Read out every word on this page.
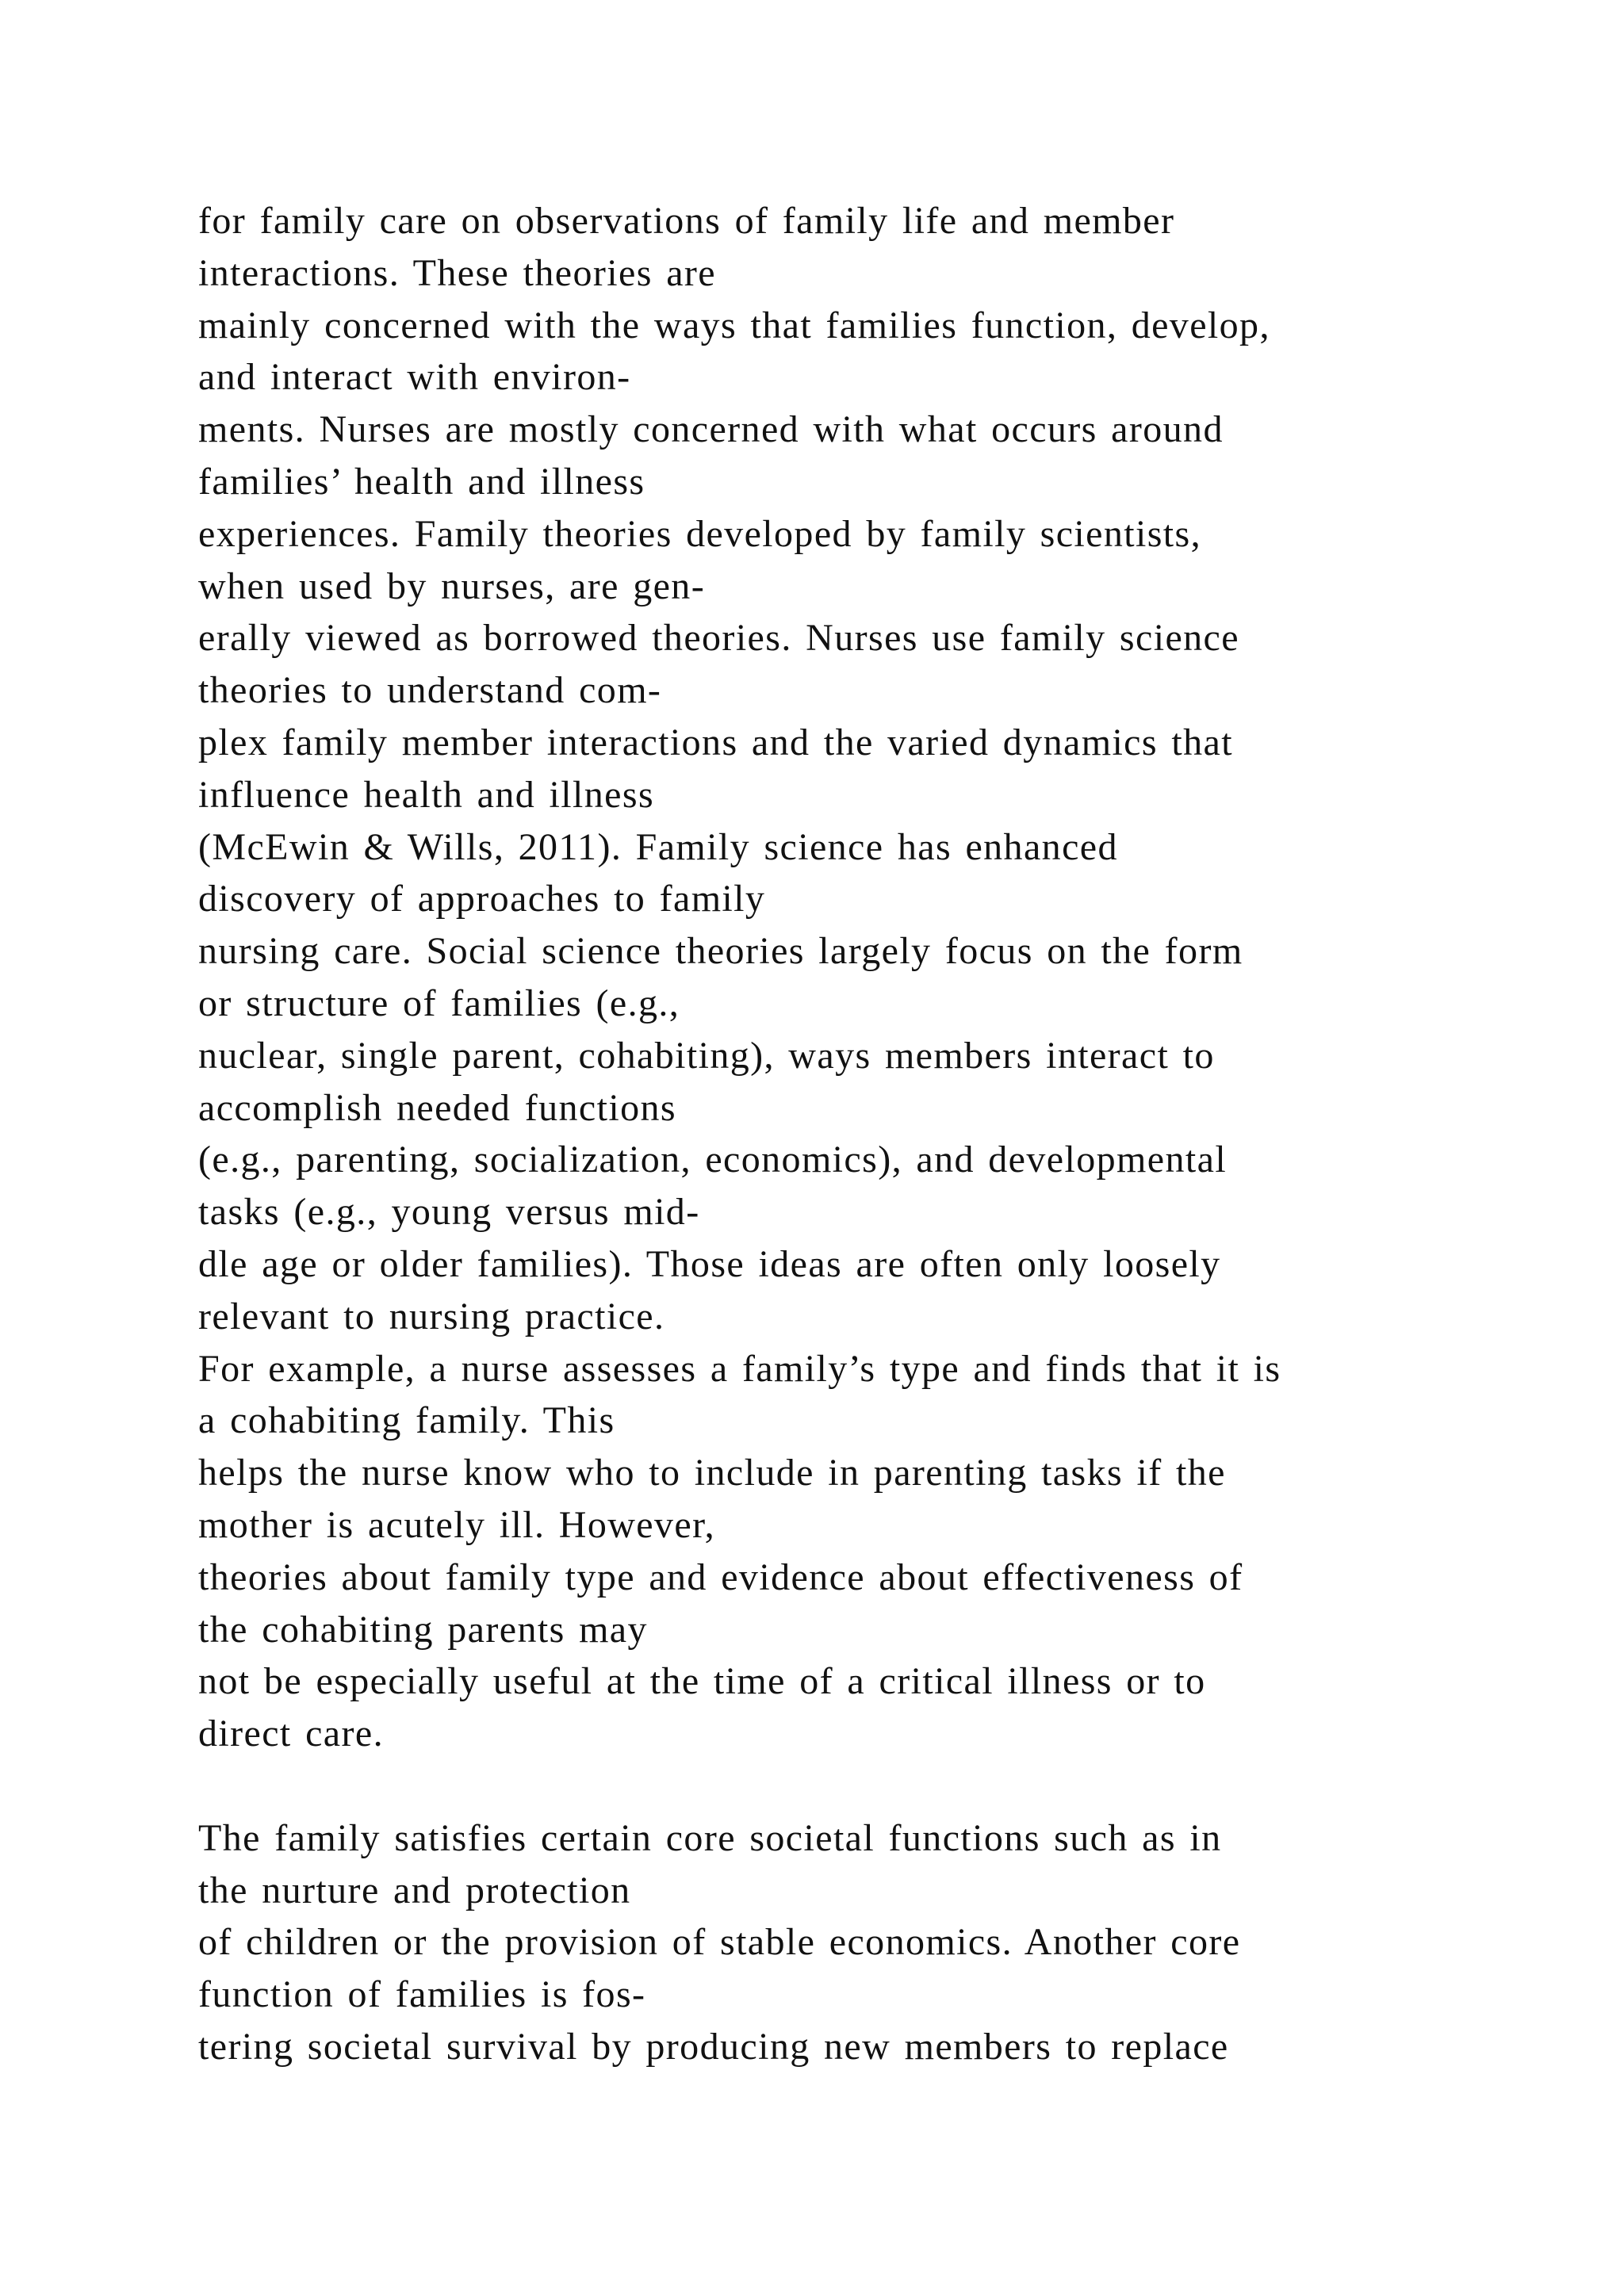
for family care on observations of family life and member
interactions. These theories are
mainly concerned with the ways that families function, develop,
and interact with environ-
ments. Nurses are mostly concerned with what occurs around
families’ health and illness
experiences. Family theories developed by family scientists,
when used by nurses, are gen-
erally viewed as borrowed theories. Nurses use family science
theories to understand com-
plex family member interactions and the varied dynamics that
influence health and illness
(McEwin & Wills, 2011). Family science has enhanced
discovery of approaches to family
nursing care. Social science theories largely focus on the form
or structure of families (e.g.,
nuclear, single parent, cohabiting), ways members interact to
accomplish needed functions
(e.g., parenting, socialization, economics), and developmental
tasks (e.g., young versus mid-
dle age or older families). Those ideas are often only loosely
relevant to nursing practice.
For example, a nurse assesses a family’s type and finds that it is
a cohabiting family. This
helps the nurse know who to include in parenting tasks if the
mother is acutely ill. However,
theories about family type and evidence about effectiveness of
the cohabiting parents may
not be especially useful at the time of a critical illness or to
direct care.
The family satisfies certain core societal functions such as in
the nurture and protection
of children or the provision of stable economics. Another core
function of families is fos-
tering societal survival by producing new members to replace
